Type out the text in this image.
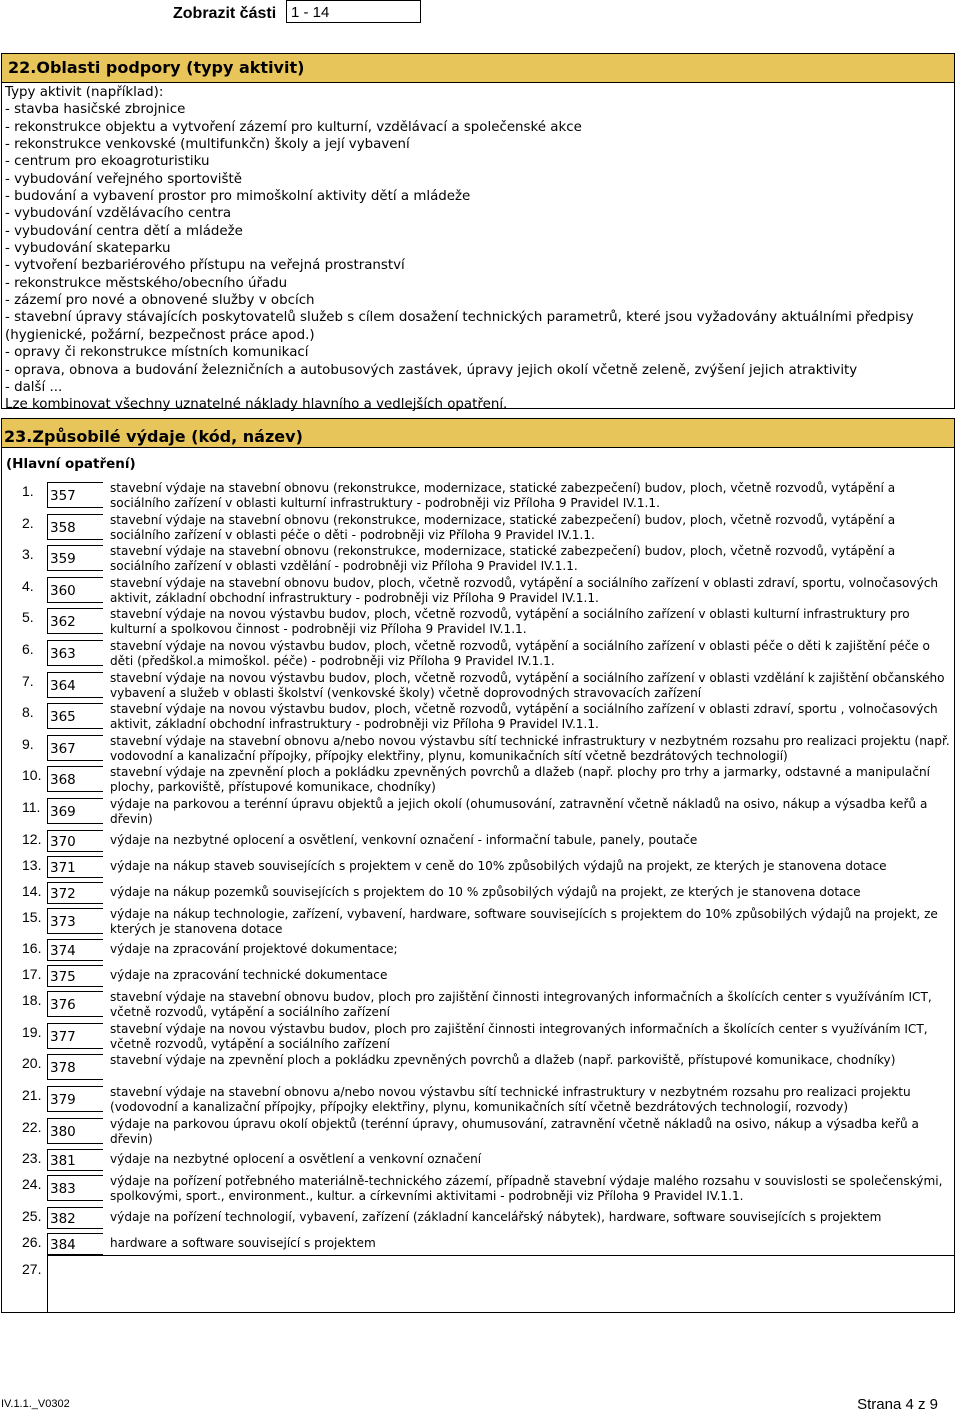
Zobrazit části 1 - 14
22.Oblasti podpory (typy aktivit)
Typy aktivit (například):
- stavba hasičské zbrojnice
- rekonstrukce objektu a vytvoření zázemí pro kulturní, vzdělávací a společenské akce
- rekonstrukce venkovské (multifunkčn) školy a její vybavení
- centrum pro ekoagroturistiku
- vybudování veřejného sportoviště
- budování a vybavení prostor pro mimoškolní aktivity dětí a mládeže
- vybudování vzdělávacího centra
- vybudování centra dětí a mládeže
- vybudování skateparku
- vytvoření bezbariérového přístupu na veřejná prostranství
- rekonstrukce městského/obecního úřadu
- zázemí pro nové a obnovené služby v obcích
- stavební úpravy stávajících poskytovatelů služeb s cílem dosažení technických parametrů, které jsou vyžadovány aktuálními předpisy (hygienické, požární, bezpečnost práce apod.)
- opravy či rekonstrukce místních komunikací
- oprava, obnova a budování železničních a autobusových zastávek, úpravy jejich okolí včetně zeleně, zvýšení jejich atraktivity
- další ...
Lze kombinovat všechny uznatelné náklady hlavního a vedlejších opatření.
23.Způsobilé výdaje (kód, název)
(Hlavní opatření)
1. 357	stavební výdaje na stavební obnovu (rekonstrukce, modernizace, statické zabezpečení) budov, ploch, včetně rozvodů, vytápění a sociálního zařízení v oblasti kulturní infrastruktury - podrobněji viz Příloha 9 Pravidel IV.1.1.
2. 358	stavební výdaje na stavební obnovu (rekonstrukce, modernizace, statické zabezpečení) budov, ploch, včetně rozvodů, vytápění a sociálního zařízení v oblasti péče o děti - podrobněji viz Příloha 9 Pravidel IV.1.1.
3. 359	stavební výdaje na stavební obnovu (rekonstrukce, modernizace, statické zabezpečení) budov, ploch, včetně rozvodů, vytápění a sociálního zařízení v oblasti vzdělání - podrobněji viz Příloha 9 Pravidel IV.1.1.
4. 360	stavební výdaje na stavební obnovu budov, ploch, včetně rozvodů, vytápění a sociálního zařízení v oblasti zdraví, sportu, volnočasových aktivit, základní obchodní infrastruktury - podrobněji viz Příloha 9 Pravidel IV.1.1.
5. 362	stavební výdaje na novou výstavbu budov, ploch, včetně rozvodů, vytápění a sociálního zařízení v oblasti kulturní infrastruktury pro kulturní a spolkovou činnost - podrobněji viz Příloha 9 Pravidel IV.1.1.
6. 363	stavební výdaje na novou výstavbu budov, ploch, včetně rozvodů, vytápění a sociálního zařízení v oblasti péče o děti k zajištění péče o děti (předškol.a mimoškol. péče) - podrobněji viz Příloha 9 Pravidel IV.1.1.
7. 364	stavební výdaje na novou výstavbu budov, ploch, včetně rozvodů, vytápění a sociálního zařízení v oblasti vzdělání k zajištění občanského vybavení a služeb v oblasti školství (venkovské školy) včetně doprovodných stravovacích zařízení
8. 365	stavební výdaje na novou výstavbu budov, ploch, včetně rozvodů, vytápění a sociálního zařízení v oblasti zdraví, sportu , volnočasových aktivit, základní obchodní infrastruktury - podrobněji viz Příloha 9 Pravidel IV.1.1.
9. 367	stavební výdaje na stavební obnovu a/nebo novou výstavbu sítí technické infrastruktury v nezbytném rozsahu pro realizaci projektu (např. vodovodní a kanalizační přípojky, přípojky elektřiny, plynu, komunikačních sítí včetně bezdrátových technologií)
10. 368	stavební výdaje na zpevnění ploch a pokládku zpevněných povrchů a dlažeb (např. plochy pro trhy a jarmarky, odstavné a manipulační plochy, parkoviště, přístupové komunikace, chodníky)
11. 369	výdaje na parkovou a terénní úpravu objektů a jejich okolí (ohumusování, zatravnění včetně nákladů na osivo, nákup a výsadba keřů a dřevin)
12. 370	výdaje na nezbytné oplocení a osvětlení, venkovní označení - informační tabule, panely, poutače
13. 371	výdaje na nákup staveb souvisejících s projektem v ceně do 10% způsobilých výdajů na projekt, ze kterých je stanovena dotace
14. 372	výdaje na nákup pozemků souvisejících s projektem do 10 % způsobilých výdajů na projekt, ze kterých je stanovena dotace
15. 373	výdaje na nákup technologie, zařízení, vybavení, hardware, software souvisejících s projektem do 10% způsobilých výdajů na projekt, ze kterých je stanovena dotace
16. 374	výdaje na zpracování projektové dokumentace;
17. 375	výdaje na zpracování technické dokumentace
18. 376	stavební výdaje na stavební obnovu budov, ploch pro zajištění činnosti integrovaných informačních a školících center s využíváním ICT, včetně rozvodů, vytápění a sociálního zařízení
19. 377	stavební výdaje na novou výstavbu budov, ploch pro zajištění činnosti integrovaných informačních a školících center s využíváním ICT, včetně rozvodů, vytápění a sociálního zařízení
20. 378	stavební výdaje na zpevnění ploch a pokládku zpevněných povrchů a dlažeb (např. parkoviště, přístupové komunikace, chodníky)
21. 379	stavební výdaje na stavební obnovu a/nebo novou výstavbu sítí technické infrastruktury v nezbytném rozsahu pro realizaci projektu (vodovodní a kanalizační přípojky, přípojky elektřiny, plynu, komunikačních sítí včetně bezdrátových technologií, rozvody)
22. 380	výdaje na parkovou úpravu okolí objektů (terénní úpravy, ohumusování, zatravnění včetně nákladů na osivo, nákup a výsadba keřů a dřevin)
23. 381	výdaje na nezbytné oplocení a osvětlení a venkovní označení
24. 383	výdaje na pořízení potřebného materiálně-technického zázemí, případně stavební výdaje malého rozsahu v souvislosti se společenskými, spolkovými, sport., environment., kultur. a církevními aktivitami - podrobněji viz Příloha 9 Pravidel IV.1.1.
25. 382	výdaje na pořízení technologií, vybavení, zařízení (základní kancelářský nábytek), hardware, software souvisejících s projektem
26. 384	hardware a software související s projektem
27.
IV.1.1._V0302	Strana 4 z 9
